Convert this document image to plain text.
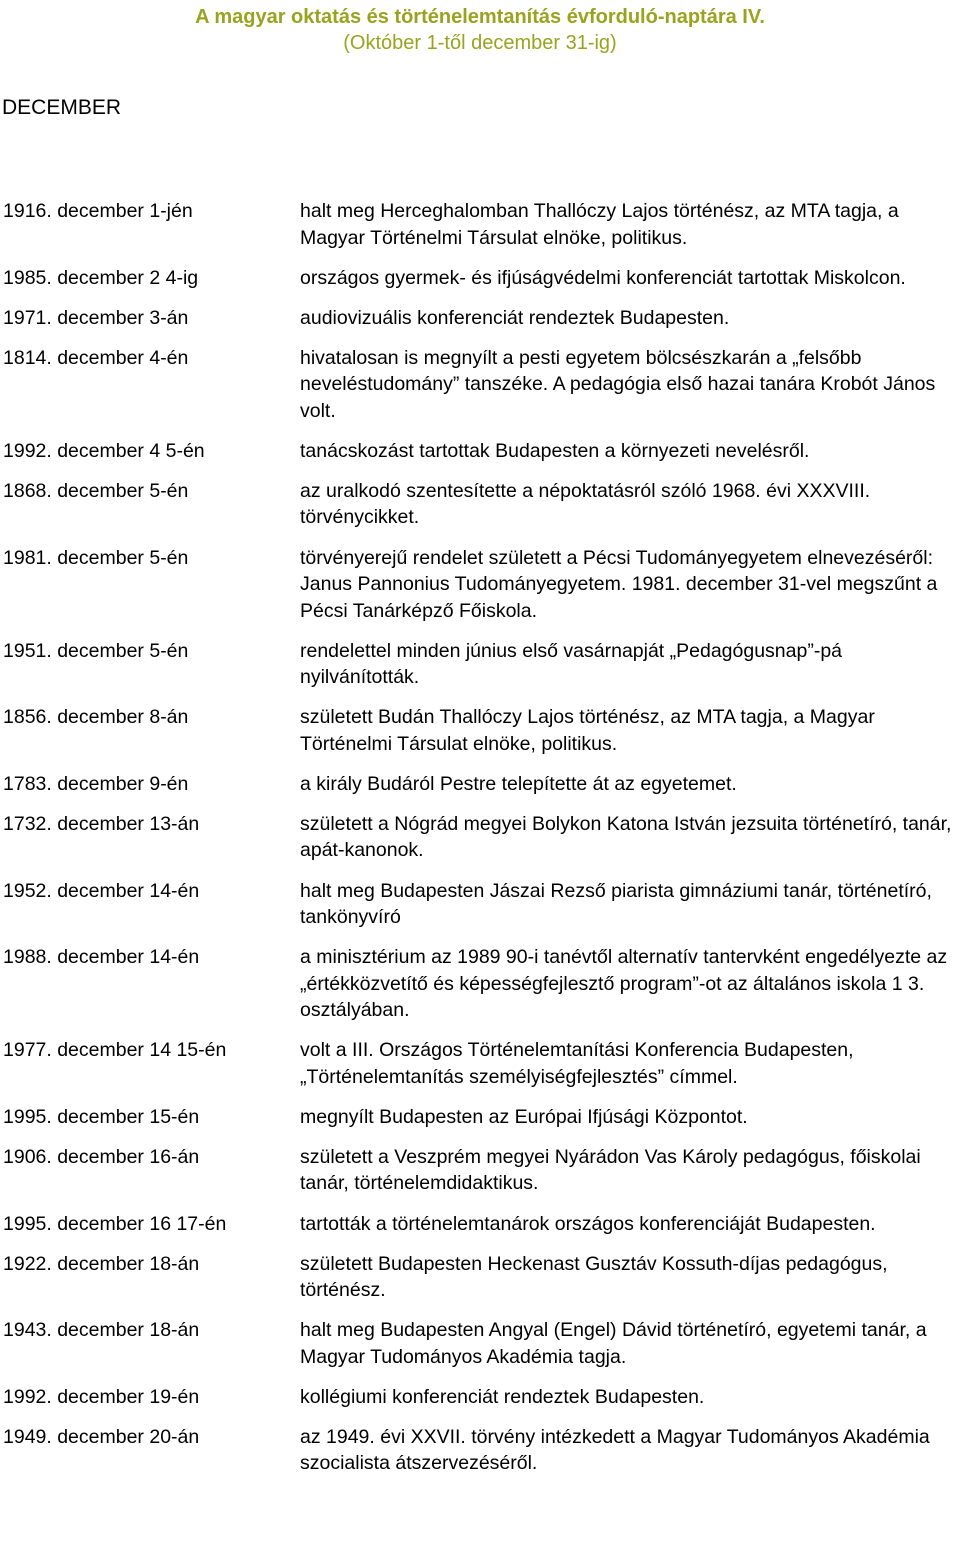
A magyar oktatás és történelemtanítás évforduló-naptára IV.

(Október 1-től december 31-ig)

DECEMBER
1916. december 1-jén	halt meg Herceghalomban Thallóczy Lajos történész, az MTA tagja, a Magyar Történelmi Társulat elnöke, politikus.
1985. december 2 4-ig	országos gyermek- és ifjúságvédelmi konferenciát tartottak Miskolcon.
1971. december 3-án	audiovizuális konferenciát rendeztek Budapesten.
1814. december 4-én	hivatalosan is megnyílt a pesti egyetem bölcsészkarán a „felsőbb neveléstudomány” tanszéke. A pedagógia első hazai tanára Krobót János volt.
1992. december 4 5-én	tanácskozást tartottak Budapesten a környezeti nevelésről.
1868. december 5-én	az uralkodó szentesítette a népoktatásról szóló 1968. évi XXXVIII. törvénycikket.
1981. december 5-én	törvényerejű rendelet született a Pécsi Tudományegyetem elnevezéséről: Janus Pannonius Tudományegyetem. 1981. december 31-vel megszűnt a Pécsi Tanárképző Főiskola.
1951. december 5-én	rendelettel minden június első vasárnapját „Pedagógusnap”-pá nyilvánították.
1856. december 8-án	született Budán Thallóczy Lajos történész, az MTA tagja, a Magyar Történelmi Társulat elnöke, politikus.
1783. december 9-én	a király Budáról Pestre telepítette át az egyetemet.
1732. december 13-án	született a Nógrád megyei Bolykon Katona István jezsuita történetíró, tanár, apát-kanonok.
1952. december 14-én	halt meg Budapesten Jászai Rezső piarista gimnáziumi tanár, történetíró, tankönyvíró
1988. december 14-én	a minisztérium az 1989 90-i tanévtől alternatív tantervként engedélyezte az „értékközvetítő és képességfejlesztő program”-ot az általános iskola 1 3. osztályában.
1977. december 14 15-én	volt a III. Országos Történelemtanítási Konferencia Budapesten, „Történelemtanítás személyiségfejlesztés” címmel.
1995. december 15-én	megnyílt Budapesten az Európai Ifjúsági Központot.
1906. december 16-án	született a Veszprém megyei Nyárádon Vas Károly pedagógus, főiskolai tanár, történelemdidaktikus.
1995. december 16 17-én	tartották a történelemtanárok országos konferenciáját Budapesten.
1922. december 18-án	született Budapesten Heckenast Gusztáv Kossuth-díjas pedagógus, történész.
1943. december 18-án	halt meg Budapesten Angyal (Engel) Dávid történetíró, egyetemi tanár, a Magyar Tudományos Akadémia tagja.
1992. december 19-én	kollégiumi konferenciát rendeztek Budapesten.
1949. december 20-án	az 1949. évi XXVII. törvény intézkedett a Magyar Tudományos Akadémia szocialista átszervezéséről.
